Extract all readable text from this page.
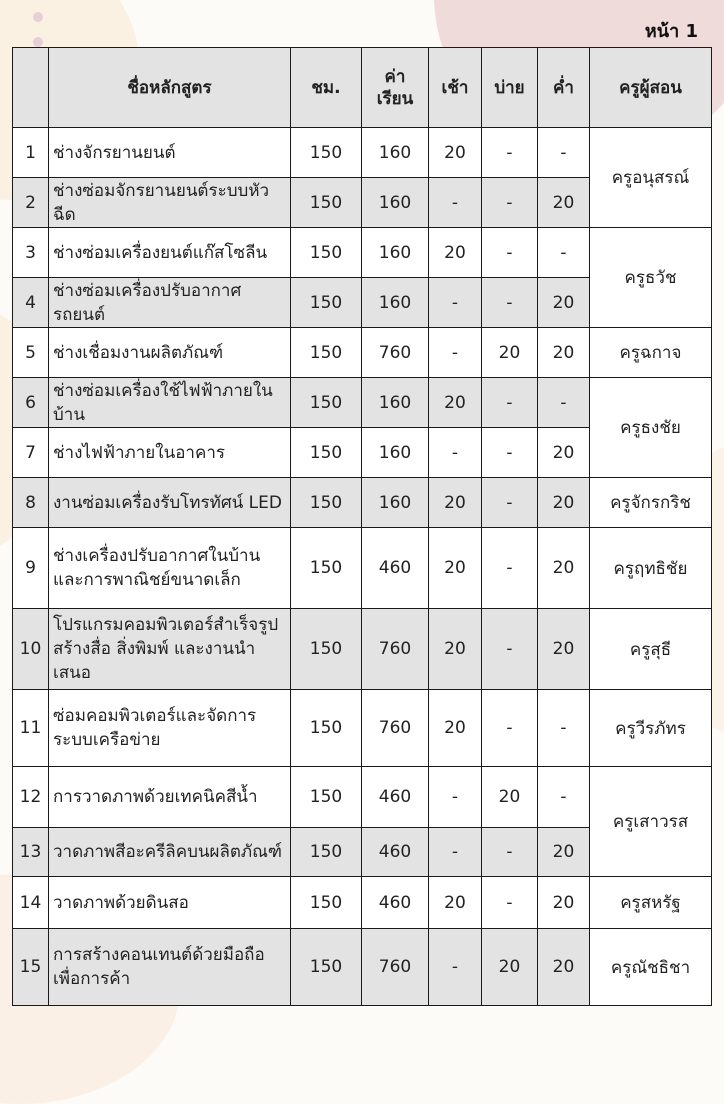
หน้า 1
	ชื่อหลักสูตร	ชม.	ค่าเรียน	เช้า	บ่าย	ค่ำ	ครูผู้สอน
1	ช่างจักรยานยนต์	150	160	20	-	-	ครูอนุสรณ์
2	ช่างซ่อมจักรยานยนต์ระบบหัวฉีด	150	160	-	-	20	
3	ช่างซ่อมเครื่องยนต์แก๊สโซลีน	150	160	20	-	-	ครูธวัช
4	ช่างซ่อมเครื่องปรับอากาศรถยนต์	150	160	-	-	20	
5	ช่างเชื่อมงานผลิตภัณฑ์	150	760	-	20	20	ครูฉกาจ
6	ช่างซ่อมเครื่องใช้ไฟฟ้าภายในบ้าน	150	160	20	-	-	ครูธงชัย
7	ช่างไฟฟ้าภายในอาคาร	150	160	-	-	20	
8	งานซ่อมเครื่องรับโทรทัศน์ LED	150	160	20	-	20	ครูจักรกริช
9	ช่างเครื่องปรับอากาศในบ้าน
และการพาณิชย์ขนาดเล็ก	150	460	20	-	20	ครูฤทธิชัย
10	โปรแกรมคอมพิวเตอร์สำเร็จรูป
สร้างสื่อ สิ่งพิมพ์ และงานนำเสนอ	150	760	20	-	20	ครูสุธี
11	ซ่อมคอมพิวเตอร์และจัดการ
ระบบเครือข่าย	150	760	20	-	-	ครูวีรภัทร
12	การวาดภาพด้วยเทคนิคสีน้ำ	150	460	-	20	-	ครูเสาวรส
13	วาดภาพสีอะครีลิคบนผลิตภัณฑ์	150	460	-	-	20	
14	วาดภาพด้วยดินสอ	150	460	20	-	20	ครูสหรัฐ
15	การสร้างคอนเทนต์ด้วยมือถือ
เพื่อการค้า	150	760	-	20	20	ครูณัชธิชา
